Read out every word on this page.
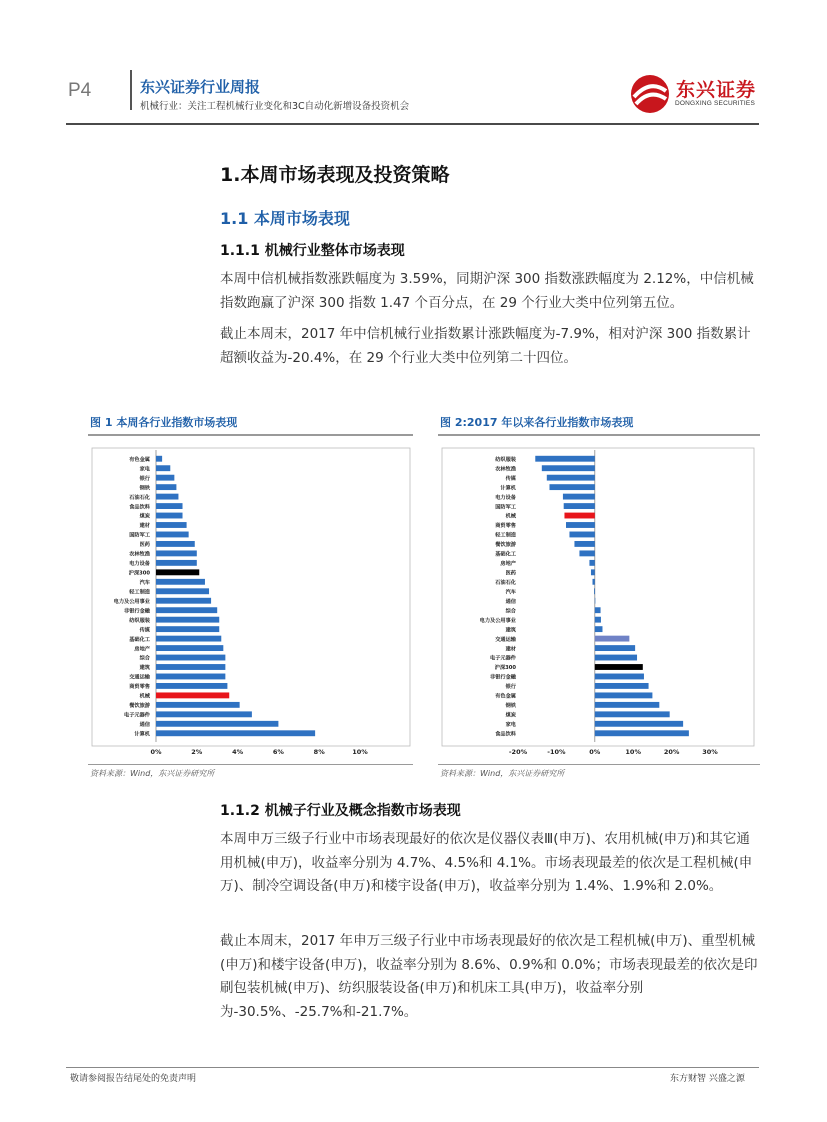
P4	东兴证券行业周报
机械行业：关注工程机械行业变化和3C自动化新增设备投资机会
东兴证券
DONGXING SECURITIES
1.本周市场表现及投资策略
1.1 本周市场表现
1.1.1 机械行业整体市场表现

本周中信机械指数涨跌幅度为 3.59%，同期沪深 300 指数涨跌幅度为 2.12%，中信机械指数跑赢了沪深 300 指数 1.47 个百分点，在 29 个行业大类中位列第五位。

截止本周末，2017 年中信机械行业指数累计涨跌幅度为-7.9%，相对沪深 300 指数累计超额收益为-20.4%，在 29 个行业大类中位列第二十四位。

图 1 本周各行业指数市场表现
有色金属
家电
银行
钢铁
石油石化
食品饮料
煤炭
建材
国防军工
医药
农林牧渔
电力设备
沪深300
汽车
轻工制造
电力及公用事业
非银行金融
纺织服装
传媒
基础化工
房地产
综合
建筑
交通运输
商贸零售
机械
餐饮旅游
电子元器件
通信
计算机
0%	2%	4%	6%	8%	10%
资料来源：Wind，东兴证券研究所
图 2:2017 年以来各行业指数市场表现
纺织服装
农林牧渔
传媒
计算机
电力设备
国防军工
机械
商贸零售
轻工制造
餐饮旅游
基础化工
房地产
医药
石油石化
汽车
通信
综合
电力及公用事业
建筑
交通运输
建材
电子元器件
沪深300
非银行金融
银行
有色金属
钢铁
煤炭
家电
食品饮料
-20%	-10%	0%	10%	20%	30%
资料来源：Wind，东兴证券研究所
1.1.2 机械子行业及概念指数市场表现

本周申万三级子行业中市场表现最好的依次是仪器仪表Ⅲ(申万)、农用机械(申万)和其它通用机械(申万)，收益率分别为 4.7%、4.5%和 4.1%。市场表现最差的依次是工程机械(申万)、制冷空调设备(申万)和楼宇设备(申万)，收益率分别为 1.4%、1.9%和 2.0%。

截止本周末，2017 年申万三级子行业中市场表现最好的依次是工程机械(申万)、重型机械(申万)和楼宇设备(申万)，收益率分别为 8.6%、0.9%和 0.0%；市场表现最差的依次是印刷包装机械(申万)、纺织服装设备(申万)和机床工具(申万)，收益率分别为-30.5%、-25.7%和-21.7%。

敬请参阅报告结尾处的免责声明	东方财智 兴盛之源
